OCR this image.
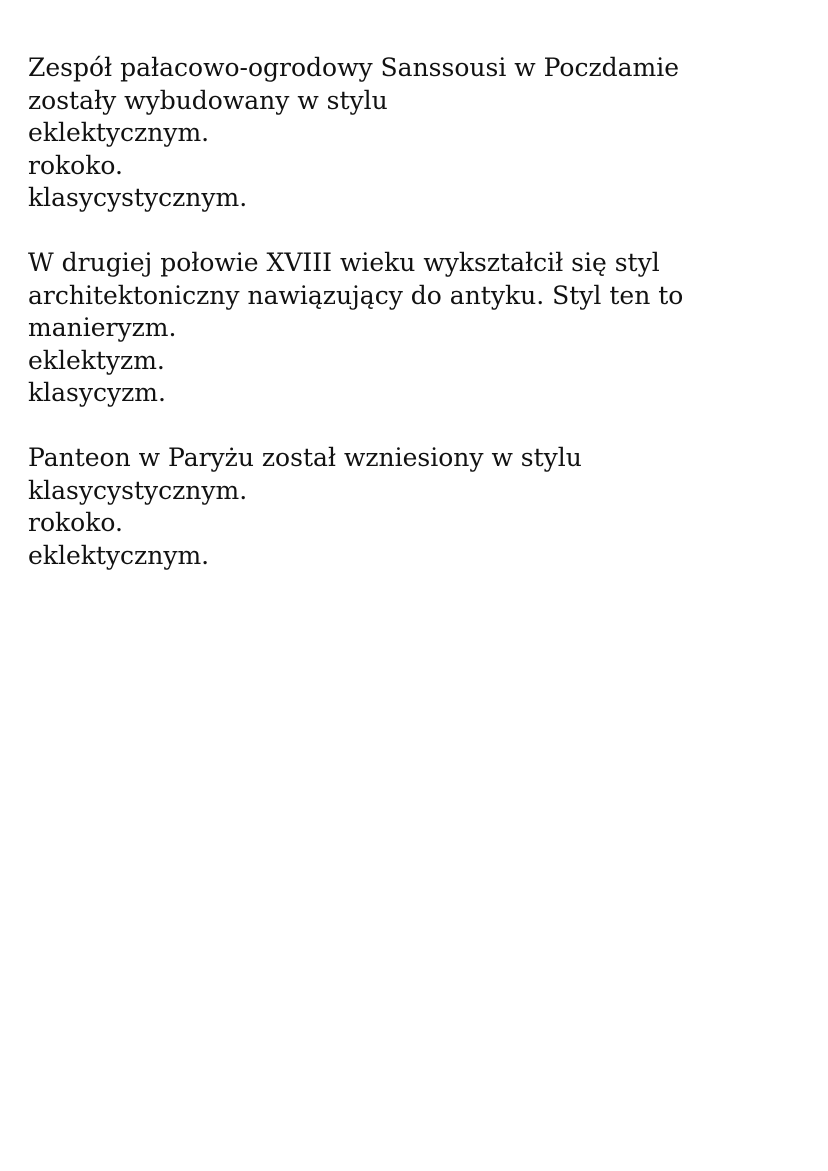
Zespół pałacowo-ogrodowy Sanssousi w Poczdamie

zostały wybudowany w stylu

eklektycznym.
rokoko.
klasycystycznym.

W drugiej połowie XVIII wieku wykształcił się styl

architektoniczny nawiązujący do antyku. Styl ten to

manieryzm.
eklektyzm.
klasycyzm.

Panteon w Paryżu został wzniesiony w stylu

klasycystycznym.
rokoko.
eklektycznym.
